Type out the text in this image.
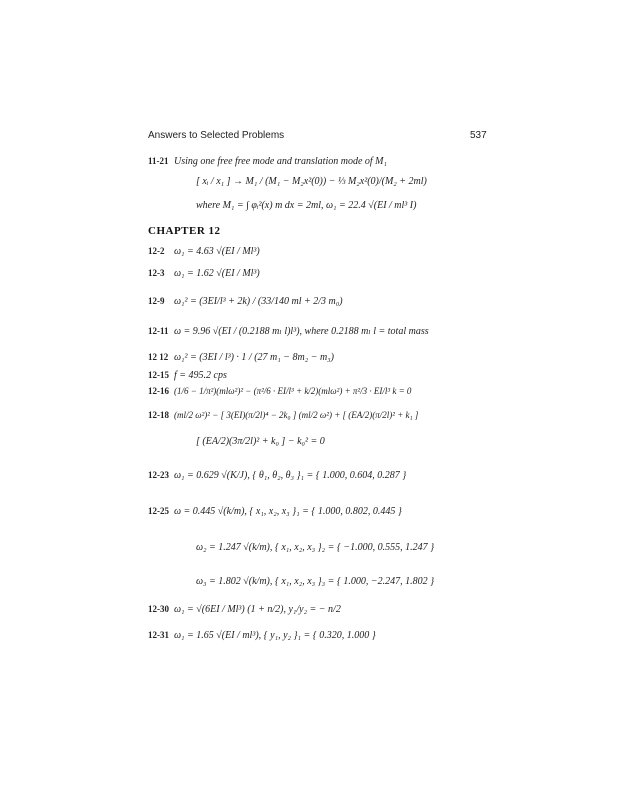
Answers to Selected Problems	537
11-21 Using one free free mode and translation mode of M₁
[ xᵢ / x₁ ] → M₁ / (M₁ − M₂x²(0)) − ⅓ M₂x²(0)/(M₂ + 2ml)
where M₁ = ∫ φᵢ²(x) m dx = 2ml, ω₁ = 22.4 √(EI / ml³ I)
CHAPTER 12
12-2 ω₁ = 4.63 √(EI / Ml³)
12-3 ω₁ = 1.62 √(EI / Ml³)
12-9 ω₁² = (3EI/l³ + 2k) / (33/140 ml + 2/3 m₀)
12-11 ω = 9.96 √(EI / (0.2188 mₗ l)l³), where 0.2188 mₗ l = total mass
12 12 ω₁² = (3EI / l³) · 1 / (27 m₁ − 8m₂ − m₃)
12-15 f = 495.2 cps
12-16 (1/6 − 1/π²)(mlω²)² − (π²/6 · EI/l³ + k/2)(mlω²) + π²/3 · EI/l³ k = 0
12-18 (ml/2 ω²)² − [ 3(EI)(π/2l)⁴ − 2k₀ ] (ml/2 ω²) + [ (EA/2)(π/2l)² + k₁ ]
[ (EA/2)(3π/2l)² + k₀ ] − k₀² = 0
12-23 ω₁ = 0.629 √(K/J), { θ₁, θ₂, θ₃ }₁ = { 1.000, 0.604, 0.287 }
12-25 ω = 0.445 √(k/m), { x₁, x₂, x₃ }₁ = { 1.000, 0.802, 0.445 }
ω₂ = 1.247 √(k/m), { x₁, x₂, x₃ }₂ = { −1.000, 0.555, 1.247 }
ω₃ = 1.802 √(k/m), { x₁, x₂, x₃ }₃ = { 1.000, −2.247, 1.802 }
12-30 ω₁ = √(6EI / Ml³) (1 + n/2), y₁/y₂ = − n/2
12-31 ω₁ = 1.65 √(EI / ml³), { y₁, y₂ }₁ = { 0.320, 1.000 }
